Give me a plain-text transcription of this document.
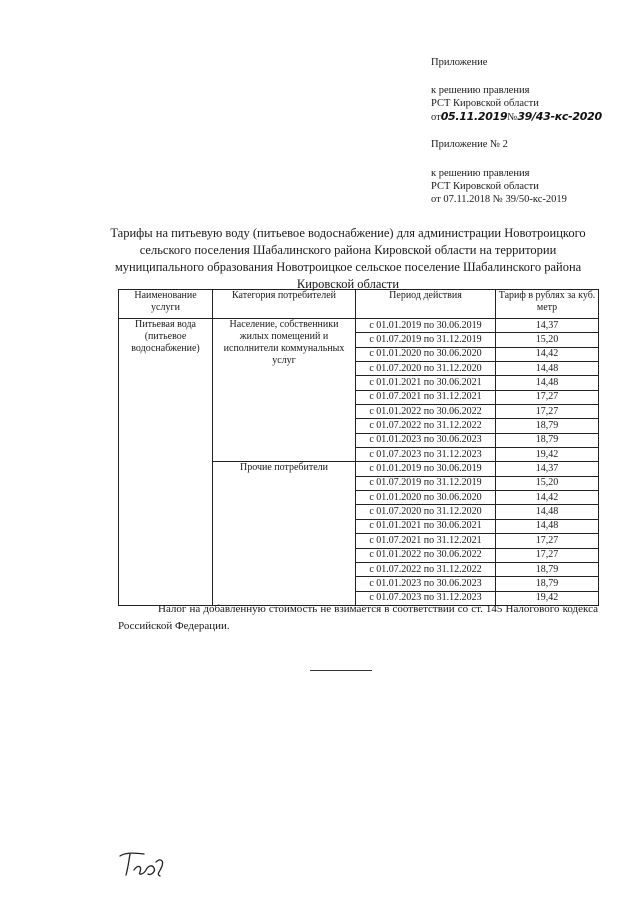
Приложение
к решению правления
РСТ Кировской области
от05.11.2019№39/43-кс-2020
Приложение № 2
к решению правления
РСТ Кировской области
от 07.11.2018 № 39/50-кс-2019
Тарифы на питьевую воду (питьевое водоснабжение) для администрации Новотроицкого сельского поселения Шабалинского района Кировской области на территории муниципального образования Новотроицкое сельское поселение Шабалинского района Кировской области
Наименование услуги	Категория потребителей	Период действия	Тариф в рублях за куб. метр
Питьевая вода (питьевое водоснабжение)	Население, собственники жилых помещений и исполнители коммунальных услуг	с 01.01.2019 по 30.06.2019	14,37
		с 01.07.2019 по 31.12.2019	15,20
		с 01.01.2020 по 30.06.2020	14,42
		с 01.07.2020 по 31.12.2020	14,48
		с 01.01.2021 по 30.06.2021	14,48
		с 01.07.2021 по 31.12.2021	17,27
		с 01.01.2022 по 30.06.2022	17,27
		с 01.07.2022 по 31.12.2022	18,79
		с 01.01.2023 по 30.06.2023	18,79
		с 01.07.2023 по 31.12.2023	19,42
	Прочие потребители	с 01.01.2019 по 30.06.2019	14,37
		с 01.07.2019 по 31.12.2019	15,20
		с 01.01.2020 по 30.06.2020	14,42
		с 01.07.2020 по 31.12.2020	14,48
		с 01.01.2021 по 30.06.2021	14,48
		с 01.07.2021 по 31.12.2021	17,27
		с 01.01.2022 по 30.06.2022	17,27
		с 01.07.2022 по 31.12.2022	18,79
		с 01.01.2023 по 30.06.2023	18,79
		с 01.07.2023 по 31.12.2023	19,42
Налог на добавленную стоимость не взимается в соответствии со ст. 145 Налогового кодекса Российской Федерации.
